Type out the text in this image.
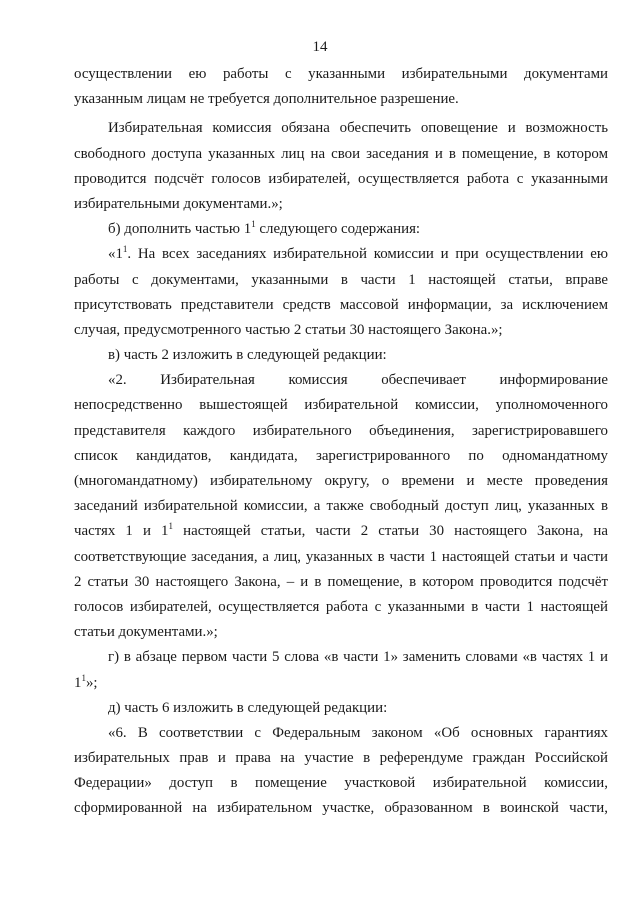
14
осуществлении ею работы с указанными избирательными документами
указанным лицам не требуется дополнительное разрешение.
Избирательная комиссия обязана обеспечить оповещение и возможность
свободного доступа указанных лиц на свои заседания и в помещение, в котором
проводится подсчёт голосов избирателей, осуществляется работа с указанными
избирательными документами.»;
б) дополнить частью $1^1$ следующего содержания:
«$1^1$. На всех заседаниях избирательной комиссии и при осуществлении ею
работы с документами, указанными в части 1 настоящей статьи, вправе
присутствовать представители средств массовой информации, за исключением
случая, предусмотренного частью 2 статьи 30 настоящего Закона.»;
в) часть 2 изложить в следующей редакции:
«2. Избирательная комиссия обеспечивает информирование
непосредственно вышестоящей избирательной комиссии, уполномоченного
представителя каждого избирательного объединения, зарегистрировавшего
список кандидатов, кандидата, зарегистрированного по одномандатному
(многомандатному) избирательному округу, о времени и месте проведения
заседаний избирательной комиссии, а также свободный доступ лиц, указанных в
частях 1 и $1^1$ настоящей статьи, части 2 статьи 30 настоящего Закона, на
соответствующие заседания, а лиц, указанных в части 1 настоящей статьи и части
2 статьи 30 настоящего Закона, – и в помещение, в котором проводится подсчёт
голосов избирателей, осуществляется работа с указанными в части 1 настоящей
статьи документами.»;
г) в абзаце первом части 5 слова «в части 1» заменить словами «в частях 1 и
$1^1$»;
д) часть 6 изложить в следующей редакции:
«6. В соответствии с Федеральным законом «Об основных гарантиях
избирательных прав и права на участие в референдуме граждан Российской
Федерации» доступ в помещение участковой избирательной комиссии,
сформированной на избирательном участке, образованном в воинской части,
